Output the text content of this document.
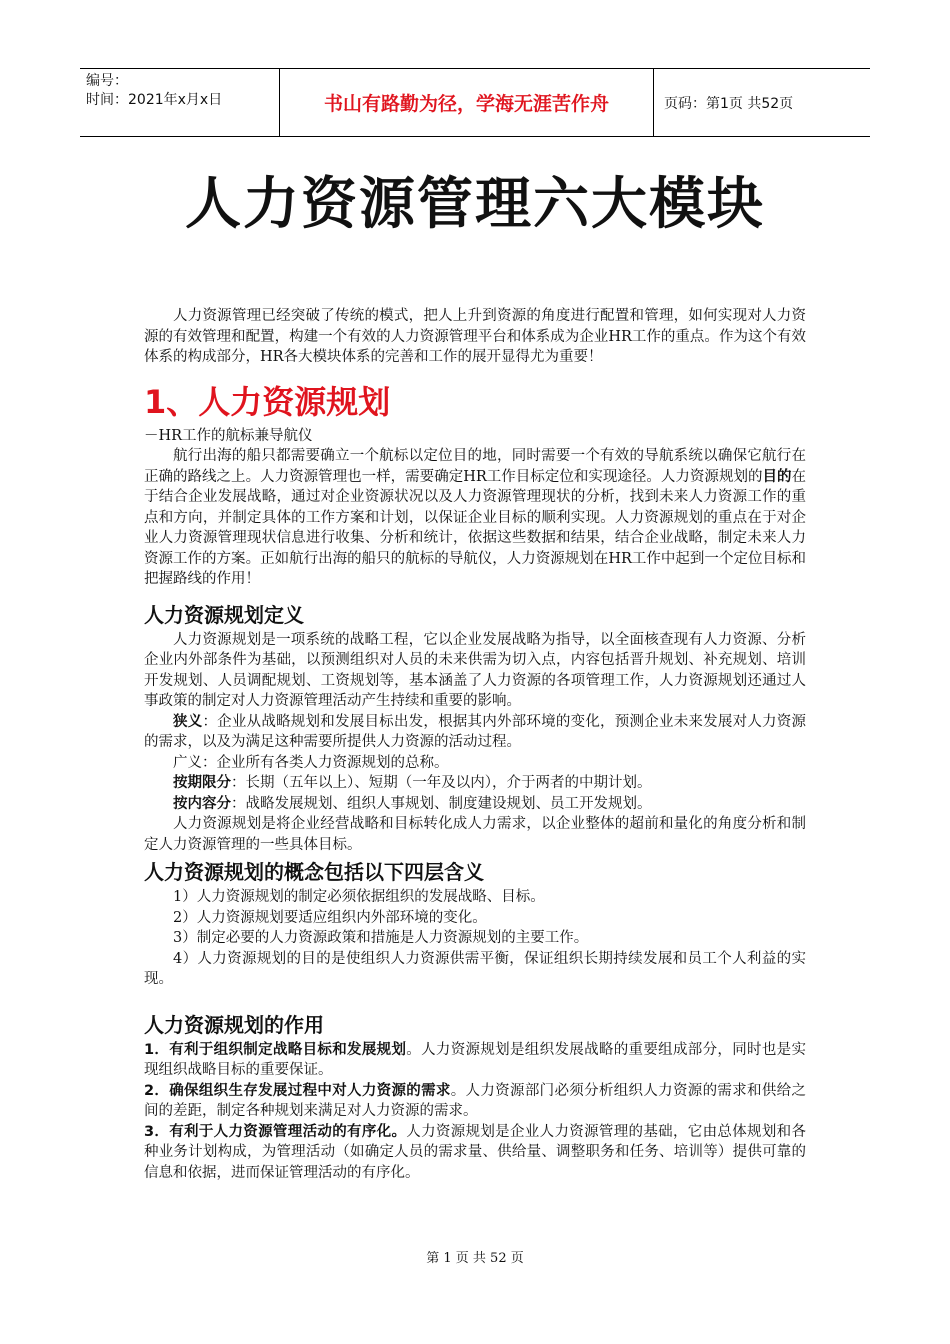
编号：
时间：2021年x月x日	书山有路勤为径，学海无涯苦作舟	页码：第1页 共52页
人力资源管理六大模块

人力资源管理已经突破了传统的模式，把人上升到资源的角度进行配置和管理，如何实现对人力资源的有效管理和配置，构建一个有效的人力资源管理平台和体系成为企业HR工作的重点。作为这个有效体系的构成部分，HR各大模块体系的完善和工作的展开显得尤为重要！

1、人力资源规划

－HR工作的航标兼导航仪

航行出海的船只都需要确立一个航标以定位目的地，同时需要一个有效的导航系统以确保它航行在正确的路线之上。人力资源管理也一样，需要确定HR工作目标定位和实现途径。人力资源规划的目的在于结合企业发展战略，通过对企业资源状况以及人力资源管理现状的分析，找到未来人力资源工作的重点和方向，并制定具体的工作方案和计划，以保证企业目标的顺利实现。人力资源规划的重点在于对企业人力资源管理现状信息进行收集、分析和统计，依据这些数据和结果，结合企业战略，制定未来人力资源工作的方案。正如航行出海的船只的航标的导航仪，人力资源规划在HR工作中起到一个定位目标和把握路线的作用！

人力资源规划定义

人力资源规划是一项系统的战略工程，它以企业发展战略为指导，以全面核查现有人力资源、分析企业内外部条件为基础，以预测组织对人员的未来供需为切入点，内容包括晋升规划、补充规划、培训开发规划、人员调配规划、工资规划等，基本涵盖了人力资源的各项管理工作，人力资源规划还通过人事政策的制定对人力资源管理活动产生持续和重要的影响。

狭义：企业从战略规划和发展目标出发，根据其内外部环境的变化，预测企业未来发展对人力资源的需求，以及为满足这种需要所提供人力资源的活动过程。

广义：企业所有各类人力资源规划的总称。

按期限分：长期（五年以上）、短期（一年及以内），介于两者的中期计划。

按内容分：战略发展规划、组织人事规划、制度建设规划、员工开发规划。

人力资源规划是将企业经营战略和目标转化成人力需求，以企业整体的超前和量化的角度分析和制定人力资源管理的一些具体目标。

人力资源规划的概念包括以下四层含义

1）人力资源规划的制定必须依据组织的发展战略、目标。

2）人力资源规划要适应组织内外部环境的变化。

3）制定必要的人力资源政策和措施是人力资源规划的主要工作。

4）人力资源规划的目的是使组织人力资源供需平衡，保证组织长期持续发展和员工个人利益的实现。

人力资源规划的作用

1．有利于组织制定战略目标和发展规划。人力资源规划是组织发展战略的重要组成部分，同时也是实现组织战略目标的重要保证。

2．确保组织生存发展过程中对人力资源的需求。人力资源部门必须分析组织人力资源的需求和供给之间的差距，制定各种规划来满足对人力资源的需求。

3．有利于人力资源管理活动的有序化。人力资源规划是企业人力资源管理的基础，它由总体规划和各种业务计划构成，为管理活动（如确定人员的需求量、供给量、调整职务和任务、培训等）提供可靠的信息和依据，进而保证管理活动的有序化。

第 1 页 共 52 页
